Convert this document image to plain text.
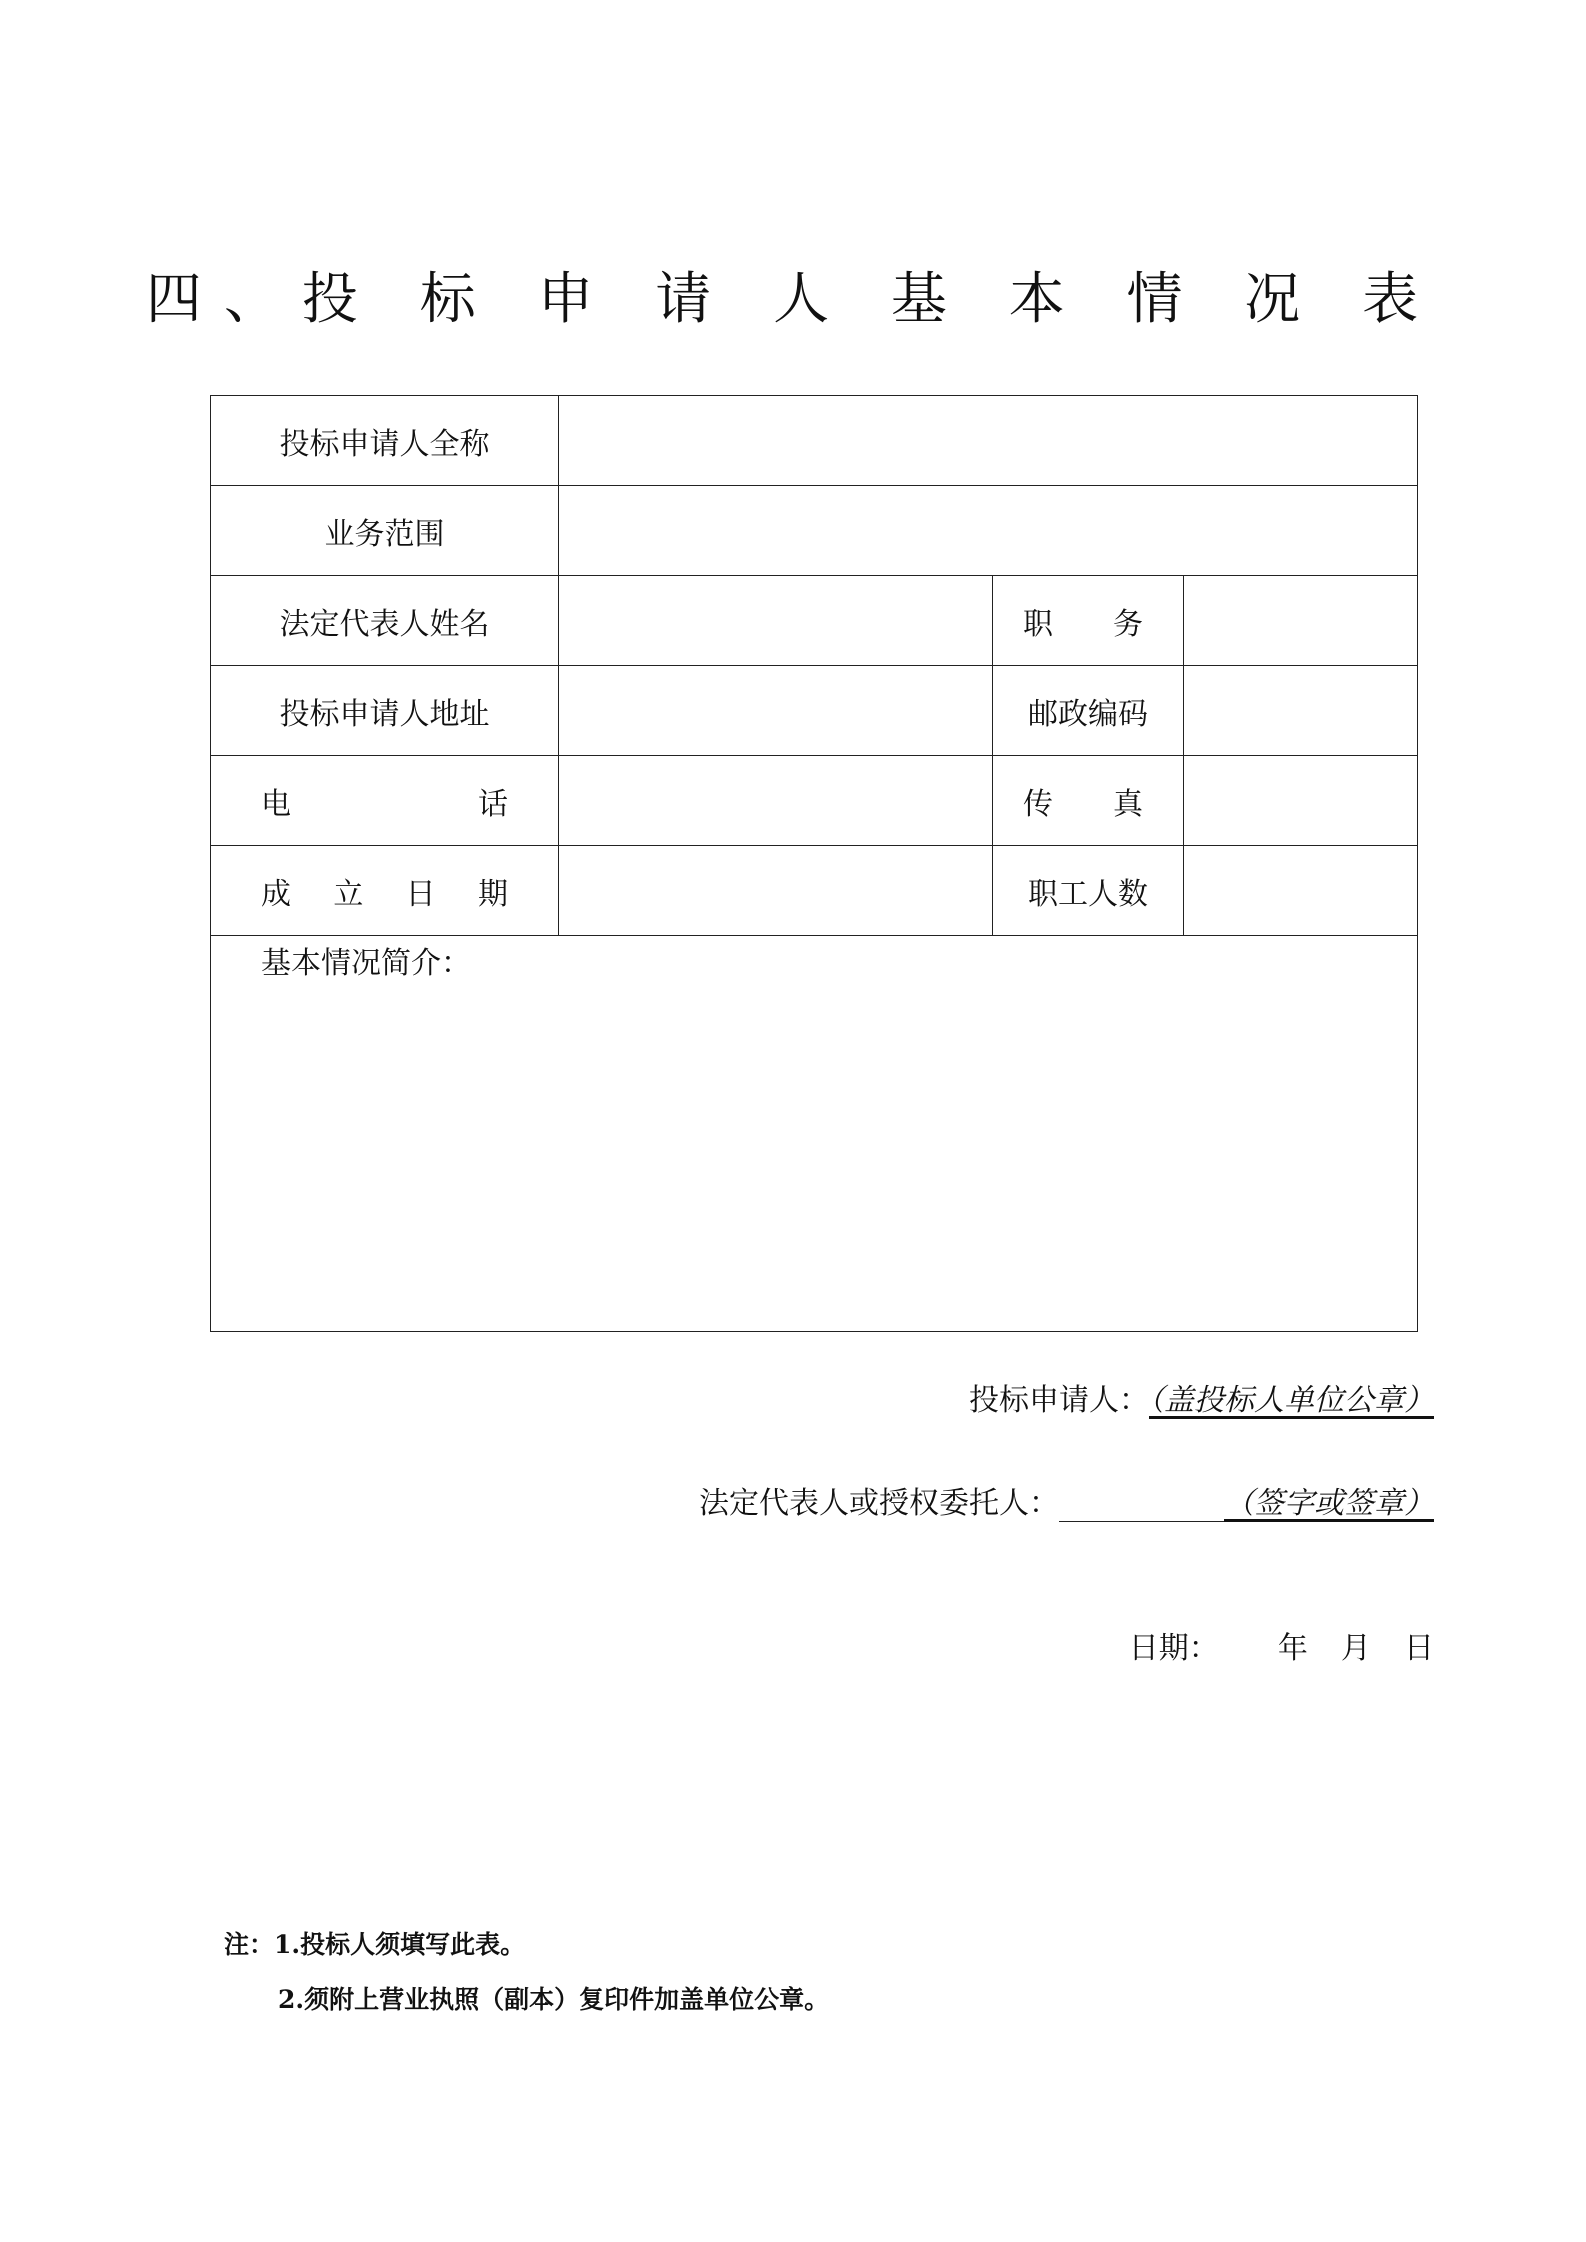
四、投 标 申 请 人 基 本 情 况 表
投标申请人全称			
业务范围			
法定代表人姓名		职 务	

投标申请人地址		邮政编码	

电 话		传 真	

成 立 日 期		职工人数	

基本情况简介：			
投标申请人：（盖投标人单位公章）
法定代表人或授权委托人：	（签字或签章）
日期： 年 月 日
注：1.投标人须填写此表。
2.须附上营业执照（副本）复印件加盖单位公章。
